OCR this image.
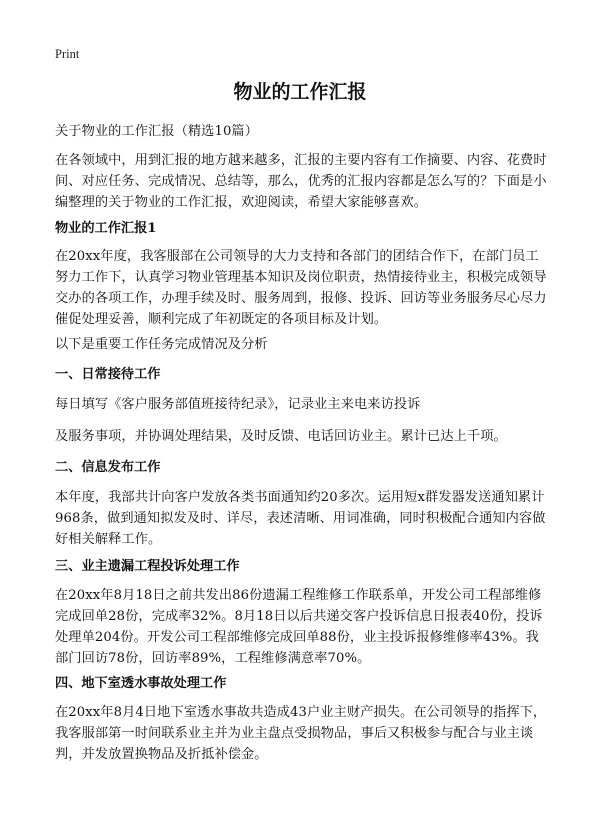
Print
物业的工作汇报

关于物业的工作汇报（精选10篇）

在各领域中，用到汇报的地方越来越多，汇报的主要内容有工作摘要、内容、花费时间、对应任务、完成情况、总结等，那么，优秀的汇报内容都是怎么写的？下面是小编整理的关于物业的工作汇报，欢迎阅读，希望大家能够喜欢。

物业的工作汇报1

在20xx年度，我客服部在公司领导的大力支持和各部门的团结合作下，在部门员工努力工作下，认真学习物业管理基本知识及岗位职责，热情接待业主，积极完成领导交办的各项工作，办理手续及时、服务周到，报修、投诉、回访等业务服务尽心尽力催促处理妥善，顺利完成了年初既定的各项目标及计划。

以下是重要工作任务完成情况及分析

一、日常接待工作

每日填写《客户服务部值班接待纪录》，记录业主来电来访投诉

及服务事项，并协调处理结果，及时反馈、电话回访业主。累计已达上千项。

二、信息发布工作

本年度，我部共计向客户发放各类书面通知约20多次。运用短x群发器发送通知累计968条，做到通知拟发及时、详尽，表述清晰、用词准确，同时积极配合通知内容做好相关解释工作。

三、业主遗漏工程投诉处理工作

在20xx年8月18日之前共发出86份遗漏工程维修工作联系单，开发公司工程部维修完成回单28份，完成率32%。8月18日以后共递交客户投诉信息日报表40份，投诉处理单204份。开发公司工程部维修完成回单88份，业主投诉报修维修率43%。我部门回访78份，回访率89%，工程维修满意率70%。

四、地下室透水事故处理工作

在20xx年8月4日地下室透水事故共造成43户业主财产损失。在公司领导的指挥下，我客服部第一时间联系业主并为业主盘点受损物品，事后又积极参与配合与业主谈判，并发放置换物品及折抵补偿金。
